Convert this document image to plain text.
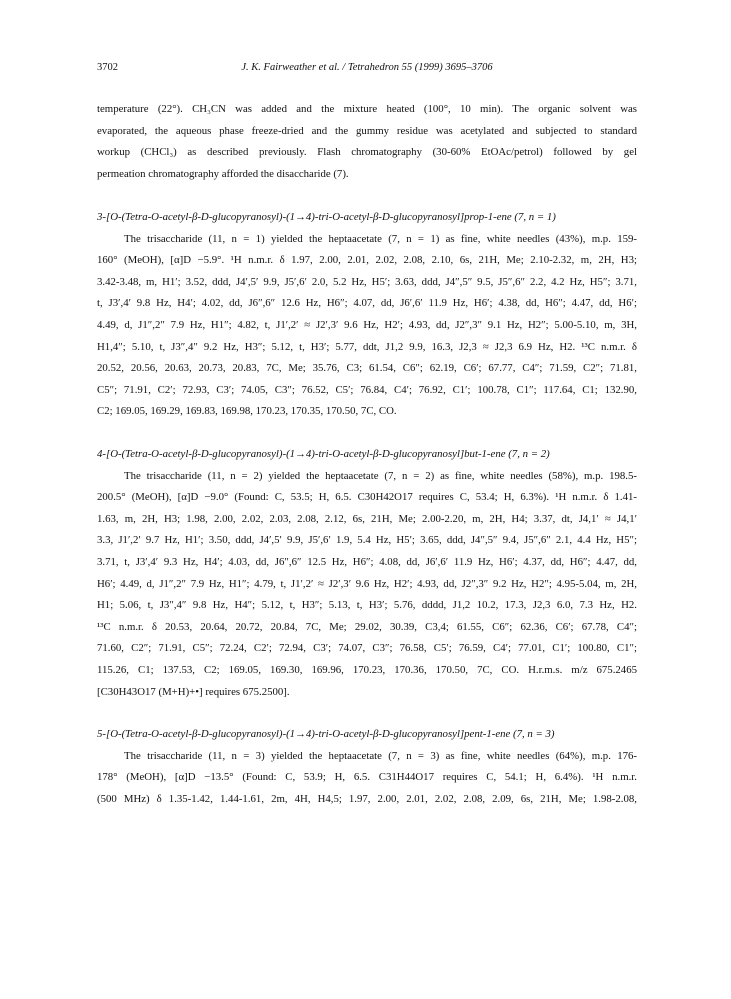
3702	J. K. Fairweather et al. / Tetrahedron 55 (1999) 3695–3706
temperature (22°). CH₃CN was added and the mixture heated (100°, 10 min). The organic solvent was
evaporated, the aqueous phase freeze-dried and the gummy residue was acetylated and subjected to standard
workup (CHCl₃) as described previously. Flash chromatography (30-60% EtOAc/petrol) followed by gel
permeation chromatography afforded the disaccharide (7).
3-[O-(Tetra-O-acetyl-β-D-glucopyranosyl)-(1→4)-tri-O-acetyl-β-D-glucopyranosyl]prop-1-ene (7, n = 1)
The trisaccharide (11, n = 1) yielded the heptaacetate (7, n = 1) as fine, white needles (43%), m.p. 159-
160° (MeOH), [α]D −5.9°. ¹H n.m.r. δ 1.97, 2.00, 2.01, 2.02, 2.08, 2.10, 6s, 21H, Me; 2.10-2.32, m, 2H, H3;
3.42-3.48, m, H1′; 3.52, ddd, J4′,5′ 9.9, J5′,6′ 2.0, 5.2 Hz, H5′; 3.63, ddd, J4″,5″ 9.5, J5″,6″ 2.2, 4.2 Hz, H5″; 3.71,
t, J3′,4′ 9.8 Hz, H4′; 4.02, dd, J6″,6″ 12.6 Hz, H6″; 4.07, dd, J6′,6′ 11.9 Hz, H6′; 4.38, dd, H6″; 4.47, dd, H6′;
4.49, d, J1″,2″ 7.9 Hz, H1″; 4.82, t, J1′,2′ ≈ J2′,3′ 9.6 Hz, H2′; 4.93, dd, J2″,3″ 9.1 Hz, H2″; 5.00-5.10, m, 3H,
H1,4″; 5.10, t, J3″,4″ 9.2 Hz, H3″; 5.12, t, H3′; 5.77, ddt, J1,2 9.9, 16.3, J2,3 ≈ J2,3 6.9 Hz, H2. ¹³C n.m.r. δ
20.52, 20.56, 20.63, 20.73, 20.83, 7C, Me; 35.76, C3; 61.54, C6″; 62.19, C6′; 67.77, C4″; 71.59, C2″; 71.81,
C5″; 71.91, C2′; 72.93, C3′; 74.05, C3″; 76.52, C5′; 76.84, C4′; 76.92, C1′; 100.78, C1″; 117.64, C1; 132.90,
C2; 169.05, 169.29, 169.83, 169.98, 170.23, 170.35, 170.50, 7C, CO.
4-[O-(Tetra-O-acetyl-β-D-glucopyranosyl)-(1→4)-tri-O-acetyl-β-D-glucopyranosyl]but-1-ene (7, n = 2)
The trisaccharide (11, n = 2) yielded the heptaacetate (7, n = 2) as fine, white needles (58%), m.p. 198.5-
200.5° (MeOH), [α]D −9.0° (Found: C, 53.5; H, 6.5. C30H42O17 requires C, 53.4; H, 6.3%). ¹H n.m.r. δ 1.41-
1.63, m, 2H, H3; 1.98, 2.00, 2.02, 2.03, 2.08, 2.12, 6s, 21H, Me; 2.00-2.20, m, 2H, H4; 3.37, dt, J4,1′ ≈ J4,1′
3.3, J1′,2′ 9.7 Hz, H1′; 3.50, ddd, J4′,5′ 9.9, J5′,6′ 1.9, 5.4 Hz, H5′; 3.65, ddd, J4″,5″ 9.4, J5″,6″ 2.1, 4.4 Hz, H5″;
3.71, t, J3′,4′ 9.3 Hz, H4′; 4.03, dd, J6″,6″ 12.5 Hz, H6″; 4.08, dd, J6′,6′ 11.9 Hz, H6′; 4.37, dd, H6″; 4.47, dd,
H6′; 4.49, d, J1″,2″ 7.9 Hz, H1″; 4.79, t, J1′,2′ ≈ J2′,3′ 9.6 Hz, H2′; 4.93, dd, J2″,3″ 9.2 Hz, H2″; 4.95-5.04, m, 2H,
H1; 5.06, t, J3″,4″ 9.8 Hz, H4″; 5.12, t, H3″; 5.13, t, H3′; 5.76, dddd, J1,2 10.2, 17.3, J2,3 6.0, 7.3 Hz, H2.
¹³C n.m.r. δ 20.53, 20.64, 20.72, 20.84, 7C, Me; 29.02, 30.39, C3,4; 61.55, C6″; 62.36, C6′; 67.78, C4″;
71.60, C2″; 71.91, C5″; 72.24, C2′; 72.94, C3′; 74.07, C3″; 76.58, C5′; 76.59, C4′; 77.01, C1′; 100.80, C1″;
115.26, C1; 137.53, C2; 169.05, 169.30, 169.96, 170.23, 170.36, 170.50, 7C, CO. H.r.m.s. m/z 675.2465
[C30H43O17 (M+H)+•] requires 675.2500].
5-[O-(Tetra-O-acetyl-β-D-glucopyranosyl)-(1→4)-tri-O-acetyl-β-D-glucopyranosyl]pent-1-ene (7, n = 3)
The trisaccharide (11, n = 3) yielded the heptaacetate (7, n = 3) as fine, white needles (64%), m.p. 176-
178° (MeOH), [α]D −13.5° (Found: C, 53.9; H, 6.5. C31H44O17 requires C, 54.1; H, 6.4%). ¹H n.m.r.
(500 MHz) δ 1.35-1.42, 1.44-1.61, 2m, 4H, H4,5; 1.97, 2.00, 2.01, 2.02, 2.08, 2.09, 6s, 21H, Me; 1.98-2.08,
